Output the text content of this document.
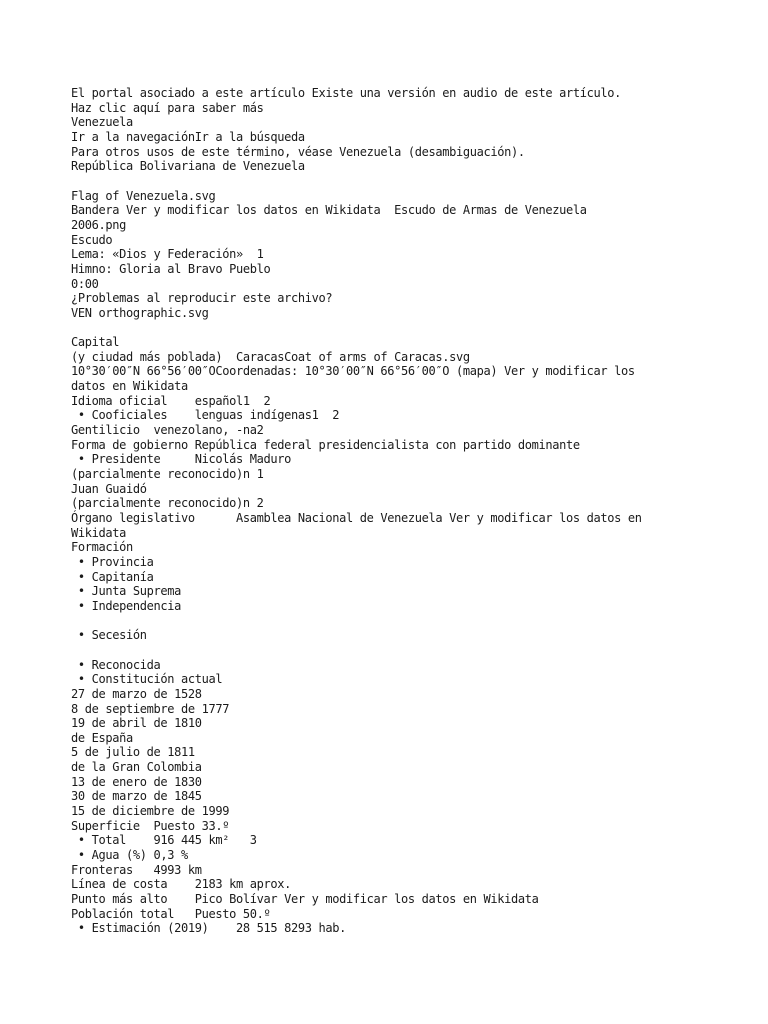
El portal asociado a este artículo Existe una versión en audio de este artículo.
Haz clic aquí para saber más
Venezuela
Ir a la navegaciónIr a la búsqueda
Para otros usos de este término, véase Venezuela (desambiguación).
República Bolivariana de Venezuela
Flag of Venezuela.svg
Bandera Ver y modificar los datos en Wikidata  Escudo de Armas de Venezuela
2006.png
Escudo
Lema: «Dios y Federación»  1
Himno: Gloria al Bravo Pueblo
0:00
¿Problemas al reproducir este archivo?
VEN orthographic.svg
Capital
(y ciudad más poblada)  CaracasCoat of arms of Caracas.svg
10°30′00″N 66°56′00″OCoordenadas: 10°30′00″N 66°56′00″O (mapa) Ver y modificar los
datos en Wikidata
Idioma oficial    español1  2
• Cooficiales    lenguas indígenas1  2
Gentilicio  venezolano, -na2
Forma de gobierno República federal presidencialista con partido dominante
• Presidente     Nicolás Maduro
(parcialmente reconocido)n 1
Juan Guaidó
(parcialmente reconocido)n 2
Órgano legislativo      Asamblea Nacional de Venezuela Ver y modificar los datos en
Wikidata
Formación
• Provincia
• Capitanía
• Junta Suprema
• Independencia
• Secesión
• Reconocida
• Constitución actual
27 de marzo de 1528
8 de septiembre de 1777
19 de abril de 1810
de España
5 de julio de 1811
de la Gran Colombia
13 de enero de 1830
30 de marzo de 1845
15 de diciembre de 1999
Superficie  Puesto 33.º
• Total    916 445 km²   3
• Agua (%) 0,3 %
Fronteras   4993 km
Línea de costa    2183 km aprox.
Punto más alto    Pico Bolívar Ver y modificar los datos en Wikidata
Población total   Puesto 50.º
• Estimación (2019)    28 515 8293 hab.
